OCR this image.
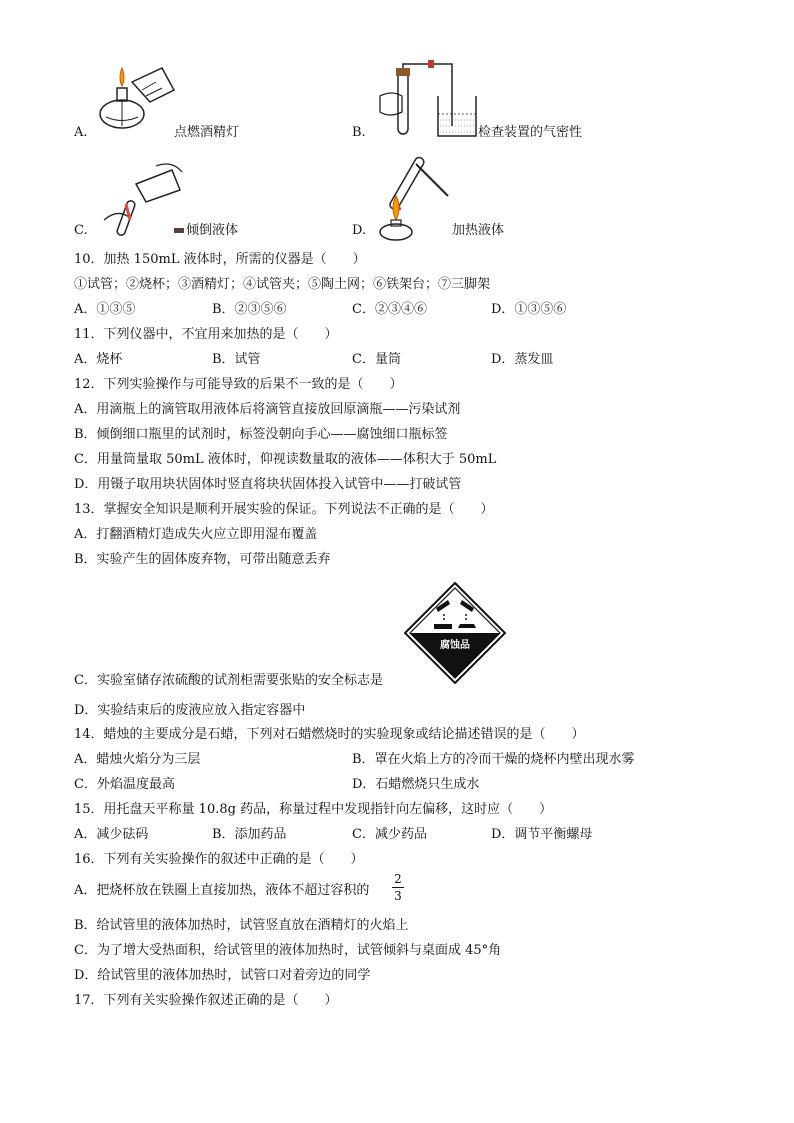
A.	点燃酒精灯	B.	检查装置的气密性
C.	倾倒液体	D.	加热液体
10．加热 150mL 液体时，所需的仪器是（　　）
①试管；②烧杯；③酒精灯；④试管夹；⑤陶土网；⑥铁架台；⑦三脚架
A．①③⑤	B．②③⑤⑥	C．②③④⑥	D．①③⑤⑥
11．下列仪器中，不宜用来加热的是（　　）
A．烧杯	B．试管	C．量筒	D．蒸发皿
12．下列实验操作与可能导致的后果不一致的是（　　）
A．用滴瓶上的滴管取用液体后将滴管直接放回原滴瓶——污染试剂
B．倾倒细口瓶里的试剂时，标签没朝向手心——腐蚀细口瓶标签
C．用量筒量取 50mL 液体时，仰视读数量取的液体——体积大于 50mL
D．用镊子取用块状固体时竖直将块状固体投入试管中——打破试管
13．掌握安全知识是顺利开展实验的保证。下列说法不正确的是（　　）
A．打翻酒精灯造成失火应立即用湿布覆盖
B．实验产生的固体废弃物，可带出随意丢弃
腐蚀品
C．实验室储存浓硫酸的试剂柜需要张贴的安全标志是
D．实验结束后的废液应放入指定容器中
14．蜡烛的主要成分是石蜡，下列对石蜡燃烧时的实验现象或结论描述错误的是（　　）
A．蜡烛火焰分为三层	B．罩在火焰上方的冷而干燥的烧杯内壁出现水雾
C．外焰温度最高	D．石蜡燃烧只生成水
15．用托盘天平称量 10.8g 药品，称量过程中发现指针向左偏移，这时应（　　）
A．减少砝码	B．添加药品	C．减少药品	D．调节平衡螺母
16．下列有关实验操作的叙述中正确的是（　　）
A．把烧杯放在铁圈上直接加热，液体不超过容积的
2
3
B．给试管里的液体加热时，试管竖直放在酒精灯的火焰上
C．为了增大受热面积，给试管里的液体加热时，试管倾斜与桌面成 45°角
D．给试管里的液体加热时，试管口对着旁边的同学
17．下列有关实验操作叙述正确的是（　　）
